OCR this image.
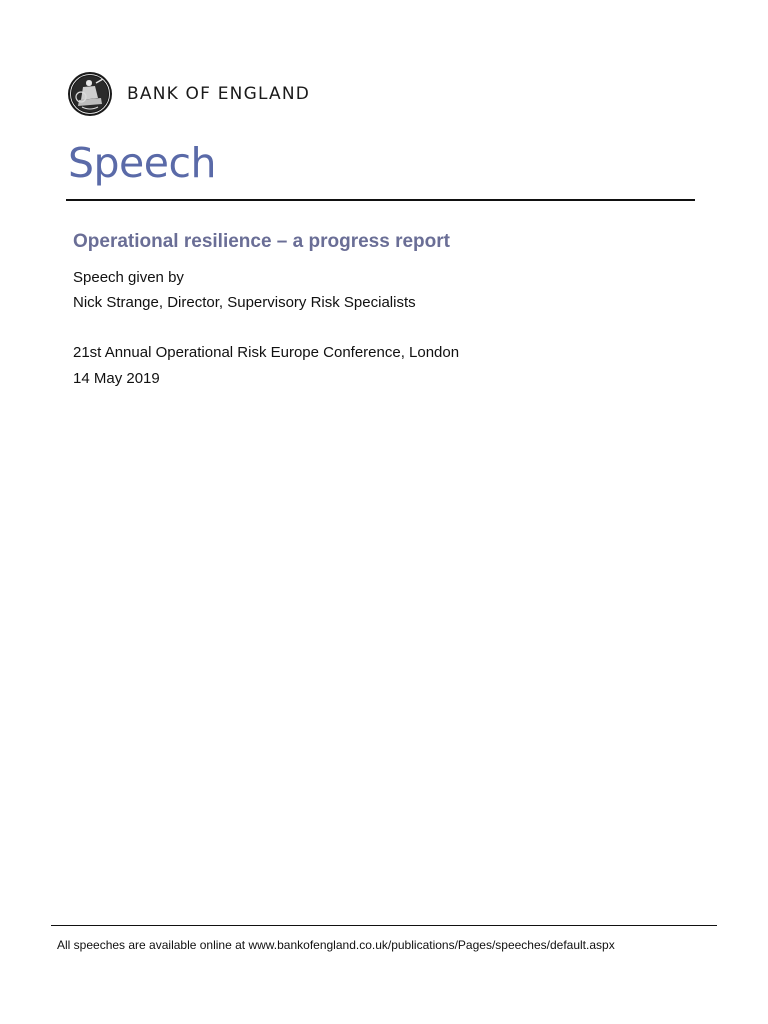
BANK OF ENGLAND
Speech
Operational resilience – a progress report
Speech given by
Nick Strange, Director, Supervisory Risk Specialists
21st Annual Operational Risk Europe Conference, London
14 May 2019
All speeches are available online at www.bankofengland.co.uk/publications/Pages/speeches/default.aspx
